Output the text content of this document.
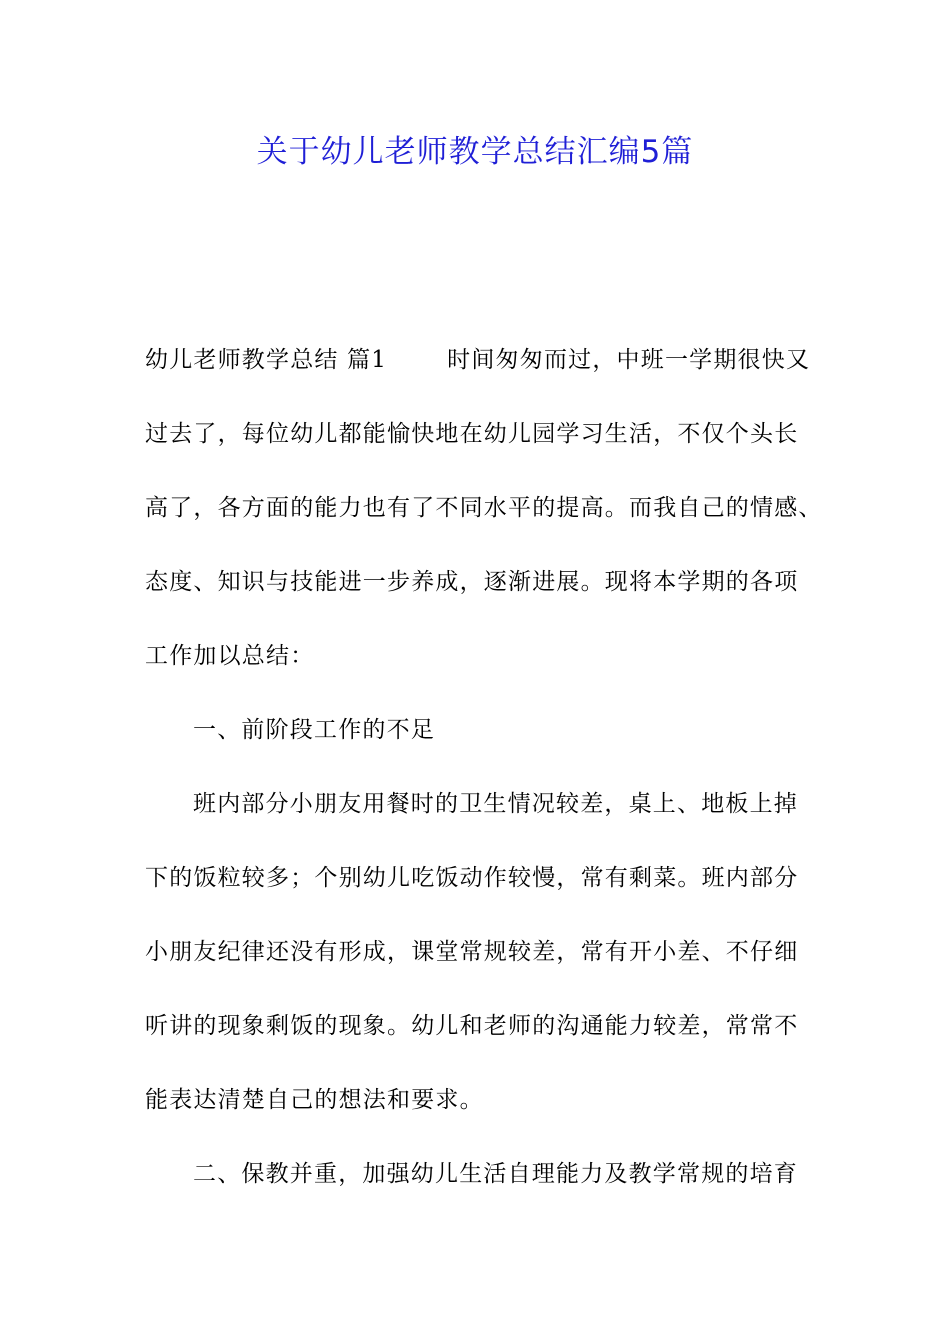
关于幼儿老师教学总结汇编5篇
幼儿老师教学总结 篇1	时间匆匆而过，中班一学期很快又
过去了，每位幼儿都能愉快地在幼儿园学习生活，不仅个头长
高了，各方面的能力也有了不同水平的提高。而我自己的情感、
态度、知识与技能进一步养成，逐渐进展。现将本学期的各项
工作加以总结：
一、前阶段工作的不足
班内部分小朋友用餐时的卫生情况较差，桌上、地板上掉
下的饭粒较多；个别幼儿吃饭动作较慢，常有剩菜。班内部分
小朋友纪律还没有形成，课堂常规较差，常有开小差、不仔细
听讲的现象剩饭的现象。幼儿和老师的沟通能力较差，常常不
能表达清楚自己的想法和要求。
二、保教并重，加强幼儿生活自理能力及教学常规的培育
